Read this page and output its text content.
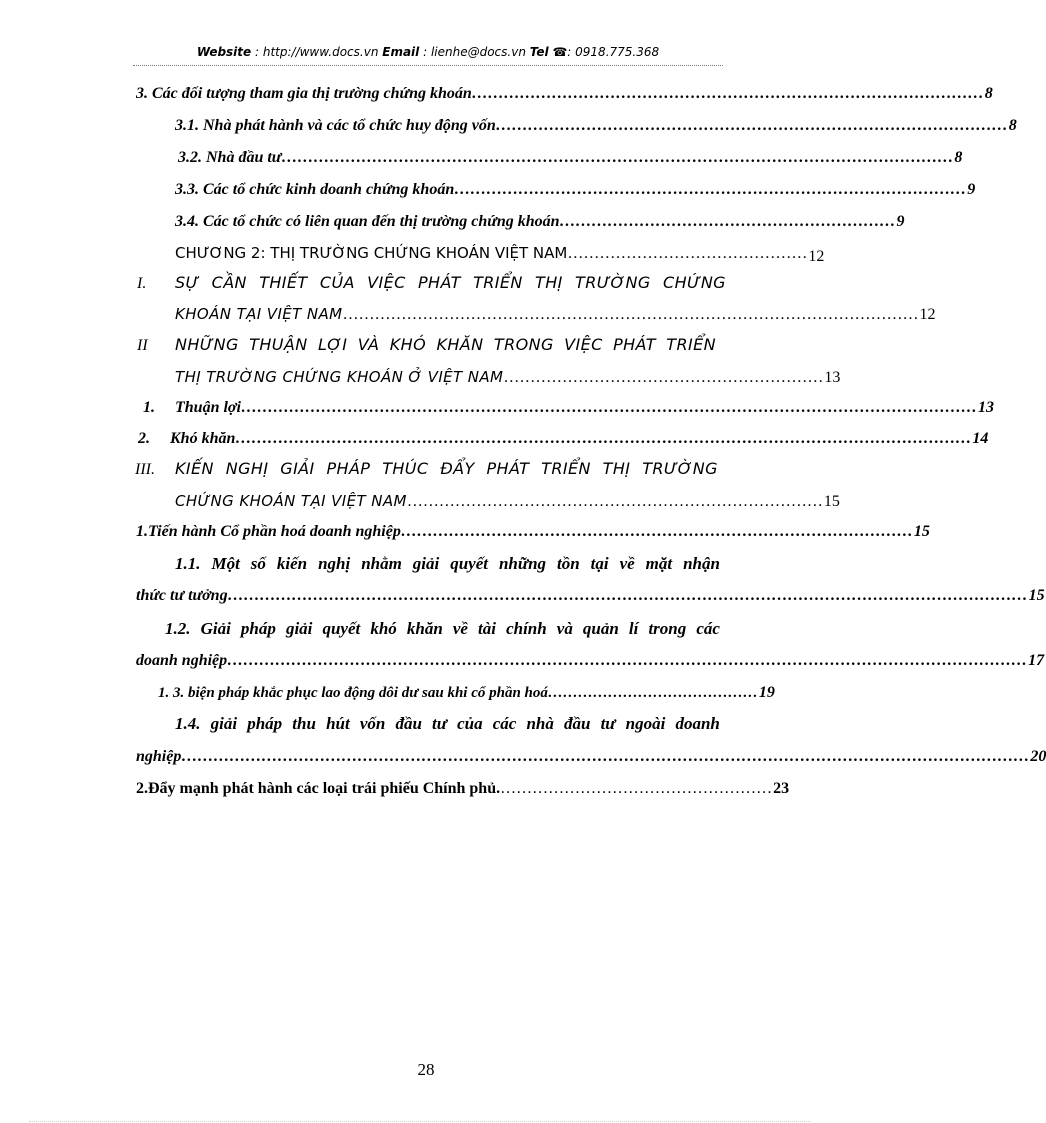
Website : http://www.docs.vn Email : lienhe@docs.vn Tel ☎ : 0918.775.368
3. Các đối tượng tham gia thị trường chứng khoán …………………………………………………………………………………… 8
3.1. Nhà phát hành và các tổ chức huy động vốn …………………………………………………………………………………… 8
3.2. Nhà đầu tư ……………………………………………………………………………………………………………… 8
3.3. Các tổ chức kinh doanh chứng khoán …………………………………………………………………………………… 9
3.4. Các tổ chức có liên quan đến thị trường chứng khoán ……………………………………………………… 9
CHƯƠNG 2: THỊ TRƯỜNG CHỨNG KHOÁN VIỆT NAM ……………………………………… 12
I. SỰ CẦN THIẾT CỦA VIỆC PHÁT TRIỂN THỊ TRƯỜNG CHỨNG
KHOÁN TẠI VIỆT NAM ……………………………………………………………………………………………… 12
II NHỮNG THUẬN LỢI VÀ KHÓ KHĂN TRONG VIỆC PHÁT TRIỂN
THỊ TRƯỜNG CHỨNG KHOÁN Ở VIỆT NAM …………………………………………………… 13
1. Thuận lợi ………………………………………………………………………………………………………………………… 13
2. Khó khăn ………………………………………………………………………………………………………………………… 14
III. KIẾN NGHỊ GIẢI PHÁP THÚC ĐẨY PHÁT TRIỂN THỊ TRƯỜNG
CHỨNG KHOÁN TẠI VIỆT NAM …………………………………………………………………… 15
1.Tiến hành Cổ phần hoá doanh nghiệp …………………………………………………………………………………… 15
1.1. Một số kiến nghị nhằm giải quyết những tồn tại về mặt nhận
thức tư tưởng …………………………………………………………………………………………………………………………………… 15
1.2. Giải pháp giải quyết khó khăn về tài chính và quản lí trong các
doanh nghiệp …………………………………………………………………………………………………………………………………… 17
1. 3. biện pháp khắc phục lao động dôi dư sau khi cổ phần hoá …………………………………… 19
1.4. giải pháp thu hút vốn đầu tư của các nhà đầu tư ngoài doanh
nghiệp …………………………………………………………………………………………………………………………………………… 20
2.Đẩy mạnh phát hành các loại trái phiếu Chính phủ. …………………………………………… 23
28
